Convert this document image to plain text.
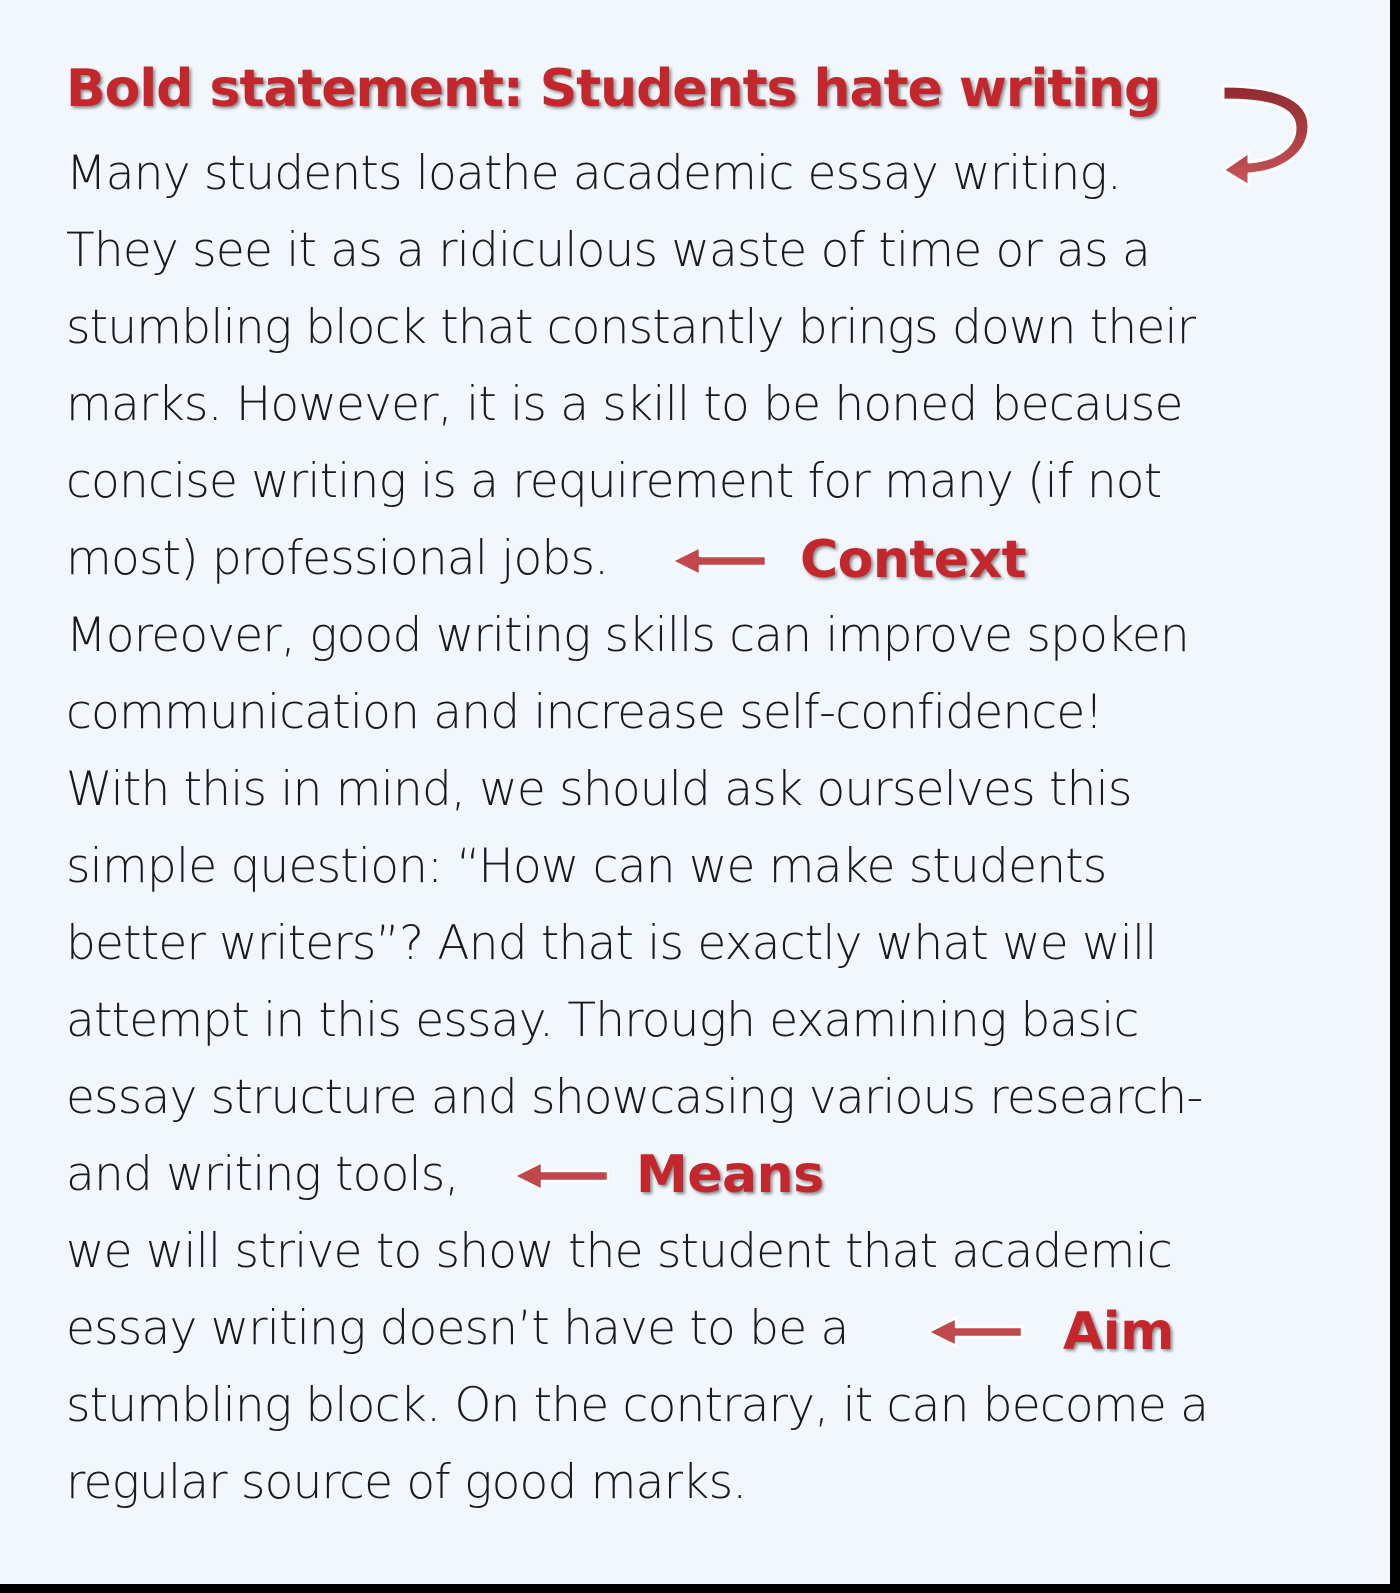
Bold statement: Students hate writing

Many students loathe academic essay writing.

They see it as a ridiculous waste of time or as a

stumbling block that constantly brings down their

marks. However, it is a skill to be honed because

concise writing is a requirement for many (if not

most) professional jobs.

Moreover, good writing skills can improve spoken

communication and increase self-confidence!

With this in mind, we should ask ourselves this

simple question: “How can we make students

better writers”? And that is exactly what we will

attempt in this essay. Through examining basic

essay structure and showcasing various research-

and writing tools,

we will strive to show the student that academic

essay writing doesn’t have to be a

stumbling block. On the contrary, it can become a

regular source of good marks.

Context
Means
Aim
